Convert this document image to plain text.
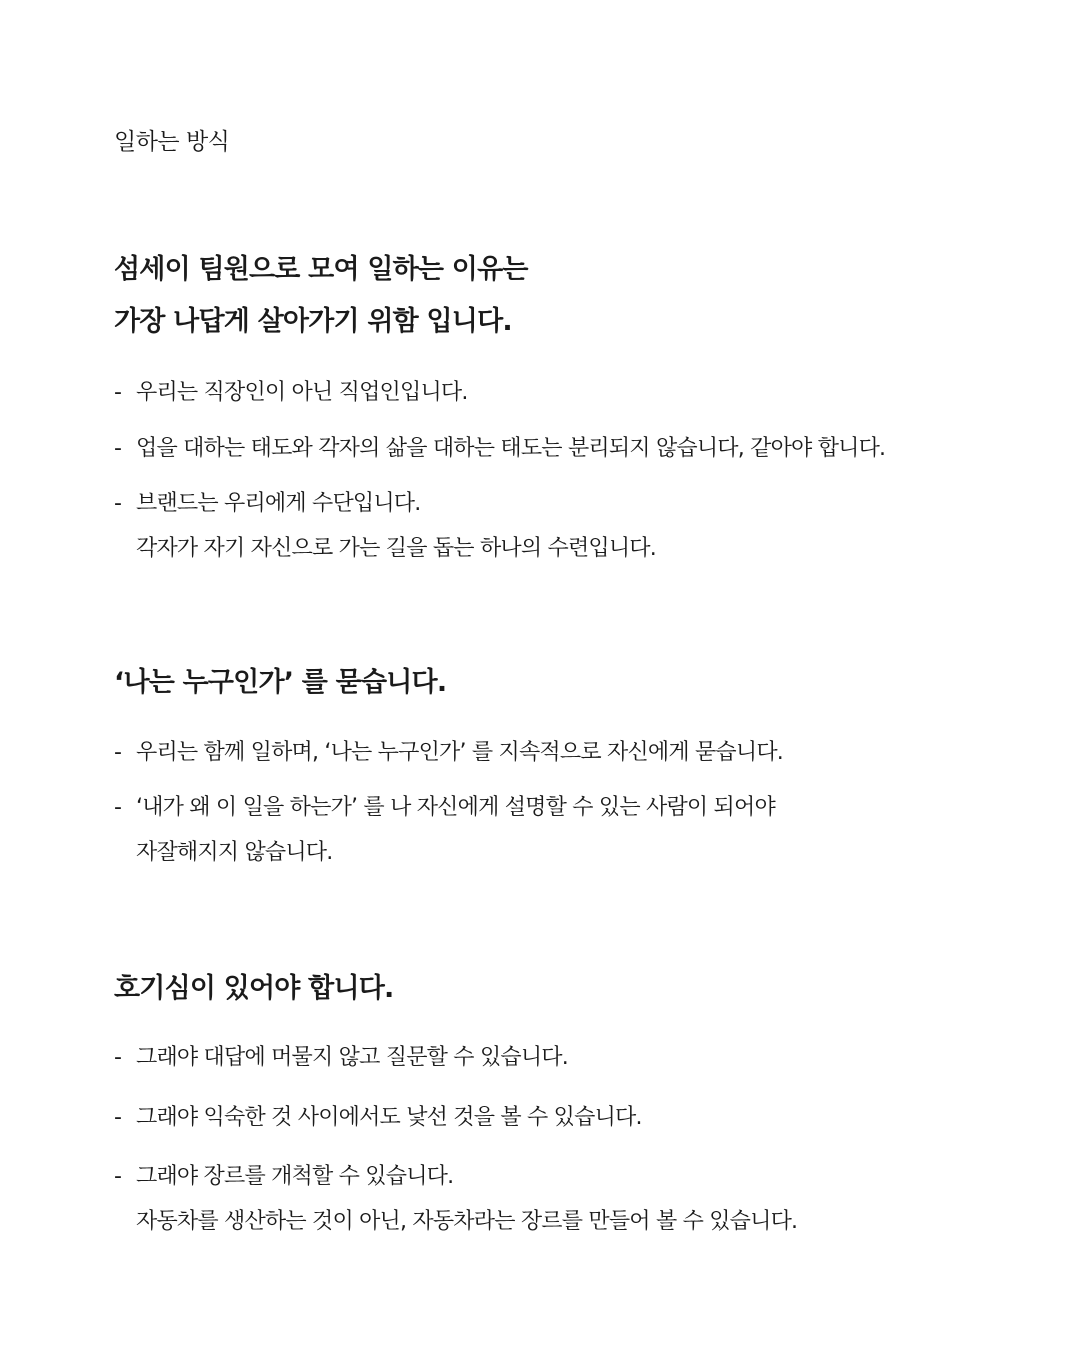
일하는 방식
섬세이 팀원으로 모여 일하는 이유는
가장 나답게 살아가기 위함 입니다.
- 우리는 직장인이 아닌 직업인입니다.
- 업을 대하는 태도와 각자의 삶을 대하는 태도는 분리되지 않습니다, 같아야 합니다.
- 브랜드는 우리에게 수단입니다.
각자가 자기 자신으로 가는 길을 돕는 하나의 수련입니다.
‘나는 누구인가’ 를 묻습니다.
- 우리는 함께 일하며, ‘나는 누구인가’ 를 지속적으로 자신에게 묻습니다.
- ‘내가 왜 이 일을 하는가’ 를 나 자신에게 설명할 수 있는 사람이 되어야
자잘해지지 않습니다.
호기심이 있어야 합니다.
- 그래야 대답에 머물지 않고 질문할 수 있습니다.
- 그래야 익숙한 것 사이에서도 낯선 것을 볼 수 있습니다.
- 그래야 장르를 개척할 수 있습니다.
자동차를 생산하는 것이 아닌, 자동차라는 장르를 만들어 볼 수 있습니다.
